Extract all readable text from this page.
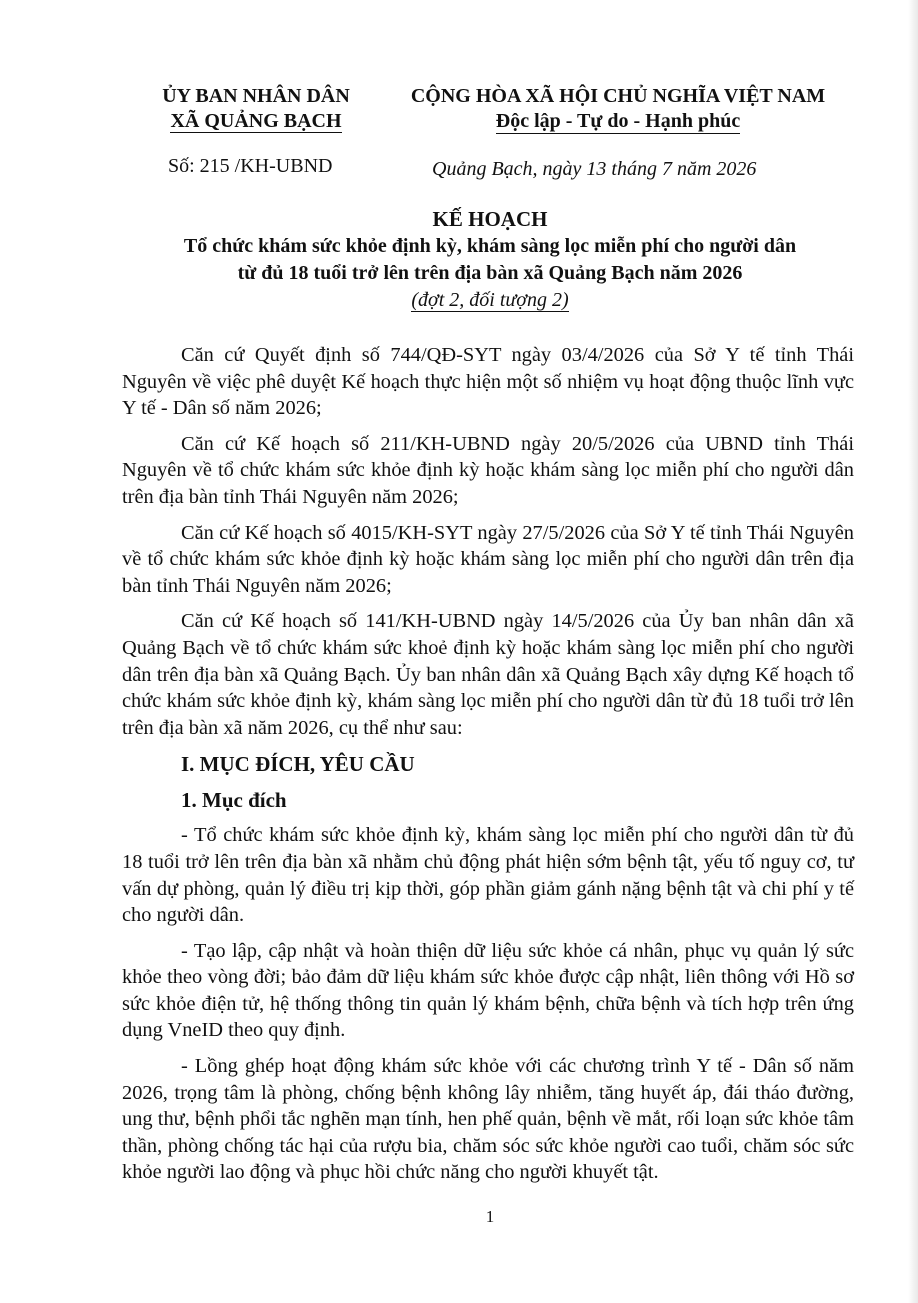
ỦY BAN NHÂN DÂN
XÃ QUẢNG BẠCH
CỘNG HÒA XÃ HỘI CHỦ NGHĨA VIỆT NAM
Độc lập - Tự do - Hạnh phúc
Số: 215 /KH-UBND	Quảng Bạch, ngày 13 tháng 7 năm 2026
KẾ HOẠCH
Tổ chức khám sức khỏe định kỳ, khám sàng lọc miễn phí cho người dân
từ đủ 18 tuổi trở lên trên địa bàn xã Quảng Bạch năm 2026
(đợt 2, đối tượng 2)

Căn cứ Quyết định số 744/QĐ-SYT ngày 03/4/2026 của Sở Y tế tỉnh Thái Nguyên về việc phê duyệt Kế hoạch thực hiện một số nhiệm vụ hoạt động thuộc lĩnh vực Y tế - Dân số năm 2026;

Căn cứ Kế hoạch số 211/KH-UBND ngày 20/5/2026 của UBND tỉnh Thái Nguyên về tổ chức khám sức khỏe định kỳ hoặc khám sàng lọc miễn phí cho người dân trên địa bàn tỉnh Thái Nguyên năm 2026;

Căn cứ Kế hoạch số 4015/KH-SYT ngày 27/5/2026 của Sở Y tế tỉnh Thái Nguyên về tổ chức khám sức khỏe định kỳ hoặc khám sàng lọc miễn phí cho người dân trên địa bàn tỉnh Thái Nguyên năm 2026;

Căn cứ Kế hoạch số 141/KH-UBND ngày 14/5/2026 của Ủy ban nhân dân xã Quảng Bạch về tổ chức khám sức khoẻ định kỳ hoặc khám sàng lọc miễn phí cho người dân trên địa bàn xã Quảng Bạch. Ủy ban nhân dân xã Quảng Bạch xây dựng Kế hoạch tổ chức khám sức khỏe định kỳ, khám sàng lọc miễn phí cho người dân từ đủ 18 tuổi trở lên trên địa bàn xã năm 2026, cụ thể như sau:

I. MỤC ĐÍCH, YÊU CẦU
1. Mục đích

- Tổ chức khám sức khỏe định kỳ, khám sàng lọc miễn phí cho người dân từ đủ 18 tuổi trở lên trên địa bàn xã nhằm chủ động phát hiện sớm bệnh tật, yếu tố nguy cơ, tư vấn dự phòng, quản lý điều trị kịp thời, góp phần giảm gánh nặng bệnh tật và chi phí y tế cho người dân.

- Tạo lập, cập nhật và hoàn thiện dữ liệu sức khỏe cá nhân, phục vụ quản lý sức khỏe theo vòng đời; bảo đảm dữ liệu khám sức khỏe được cập nhật, liên thông với Hồ sơ sức khỏe điện tử, hệ thống thông tin quản lý khám bệnh, chữa bệnh và tích hợp trên ứng dụng VneID theo quy định.

- Lồng ghép hoạt động khám sức khỏe với các chương trình Y tế - Dân số năm 2026, trọng tâm là phòng, chống bệnh không lây nhiễm, tăng huyết áp, đái tháo đường, ung thư, bệnh phổi tắc nghẽn mạn tính, hen phế quản, bệnh về mắt, rối loạn sức khỏe tâm thần, phòng chống tác hại của rượu bia, chăm sóc sức khỏe người cao tuổi, chăm sóc sức khỏe người lao động và phục hồi chức năng cho người khuyết tật.

1
